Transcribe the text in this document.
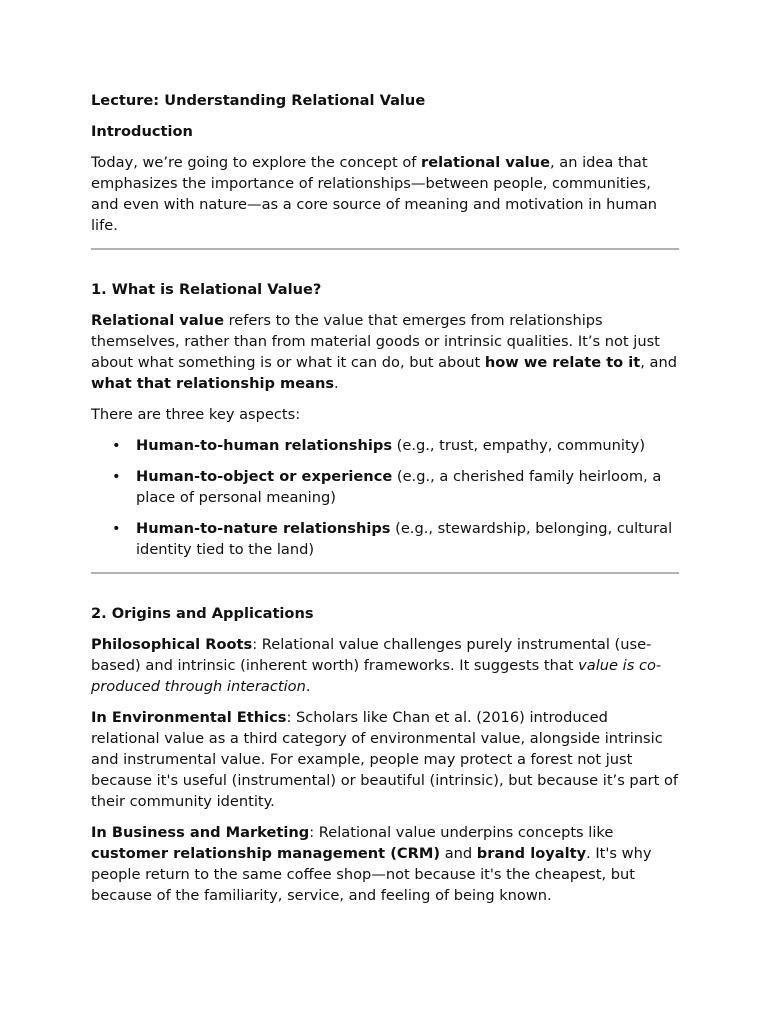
Lecture: Understanding Relational Value

Introduction

Today, we’re going to explore the concept of relational value, an idea that emphasizes the importance of relationships—between people, communities, and even with nature—as a core source of meaning and motivation in human life.

1. What is Relational Value?

Relational value refers to the value that emerges from relationships themselves, rather than from material goods or intrinsic qualities. It’s not just about what something is or what it can do, but about how we relate to it, and what that relationship means.

There are three key aspects:

• Human-to-human relationships (e.g., trust, empathy, community)
• Human-to-object or experience (e.g., a cherished family heirloom, a place of personal meaning)
• Human-to-nature relationships (e.g., stewardship, belonging, cultural identity tied to the land)

2. Origins and Applications

Philosophical Roots: Relational value challenges purely instrumental (use-based) and intrinsic (inherent worth) frameworks. It suggests that value is co-produced through interaction.

In Environmental Ethics: Scholars like Chan et al. (2016) introduced relational value as a third category of environmental value, alongside intrinsic and instrumental value. For example, people may protect a forest not just because it's useful (instrumental) or beautiful (intrinsic), but because it’s part of their community identity.

In Business and Marketing: Relational value underpins concepts like customer relationship management (CRM) and brand loyalty. It's why people return to the same coffee shop—not because it's the cheapest, but because of the familiarity, service, and feeling of being known.
